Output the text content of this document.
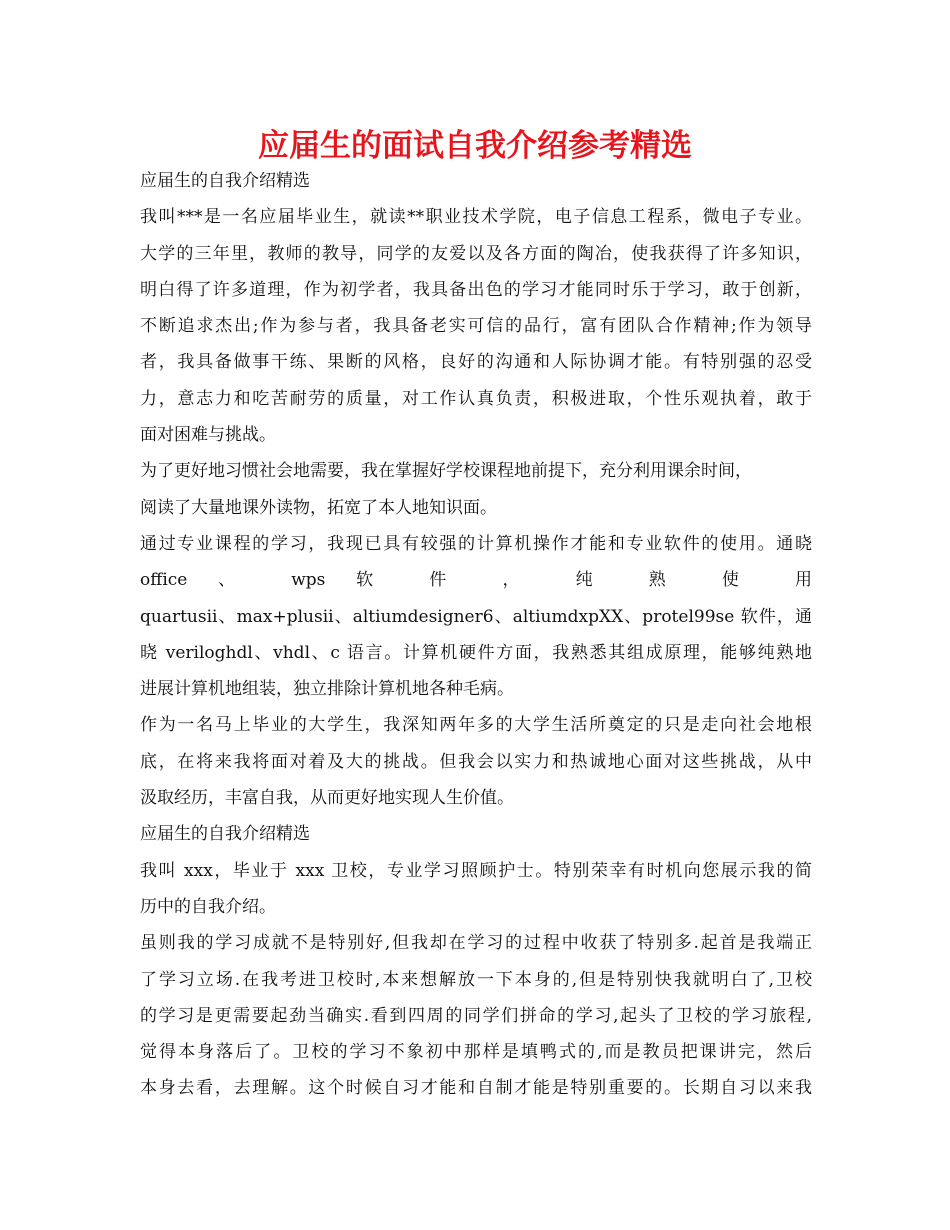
应届生的面试自我介绍参考精选

应届生的自我介绍精选

我叫***是一名应届毕业生，就读**职业技术学院，电子信息工程系，微电子专业。

大学的三年里，教师的教导，同学的友爱以及各方面的陶冶，使我获得了许多知识，

明白得了许多道理，作为初学者，我具备出色的学习才能同时乐于学习，敢于创新，

不断追求杰出;作为参与者，我具备老实可信的品行，富有团队合作精神;作为领导

者，我具备做事干练、果断的风格，良好的沟通和人际协调才能。有特别强的忍受

力，意志力和吃苦耐劳的质量，对工作认真负责，积极进取，个性乐观执着，敢于

面对困难与挑战。

为了更好地习惯社会地需要，我在掌握好学校课程地前提下，充分利用课余时间，

阅读了大量地课外读物，拓宽了本人地知识面。

通过专业课程的学习，我现已具有较强的计算机操作才能和专业软件的使用。通晓

office 、 wps 软 件 ， 纯 熟 使 用

quartusii、max+plusii、altiumdesigner6、altiumdxpXX、protel99se 软件，通

晓 veriloghdl、vhdl、c 语言。计算机硬件方面，我熟悉其组成原理，能够纯熟地

进展计算机地组装，独立排除计算机地各种毛病。

作为一名马上毕业的大学生，我深知两年多的大学生活所奠定的只是走向社会地根

底，在将来我将面对着及大的挑战。但我会以实力和热诚地心面对这些挑战，从中

汲取经历，丰富自我，从而更好地实现人生价值。

应届生的自我介绍精选

我叫 xxx，毕业于 xxx 卫校，专业学习照顾护士。特别荣幸有时机向您展示我的简

历中的自我介绍。

虽则我的学习成就不是特别好,但我却在学习的过程中收获了特别多.起首是我端正

了学习立场.在我考进卫校时,本来想解放一下本身的,但是特别快我就明白了,卫校

的学习是更需要起劲当确实.看到四周的同学们拼命的学习,起头了卫校的学习旅程,

觉得本身落后了。卫校的学习不象初中那样是填鸭式的,而是教员把课讲完，然后

本身去看，去理解。这个时候自习才能和自制才能是特别重要的。长期自习以来我
